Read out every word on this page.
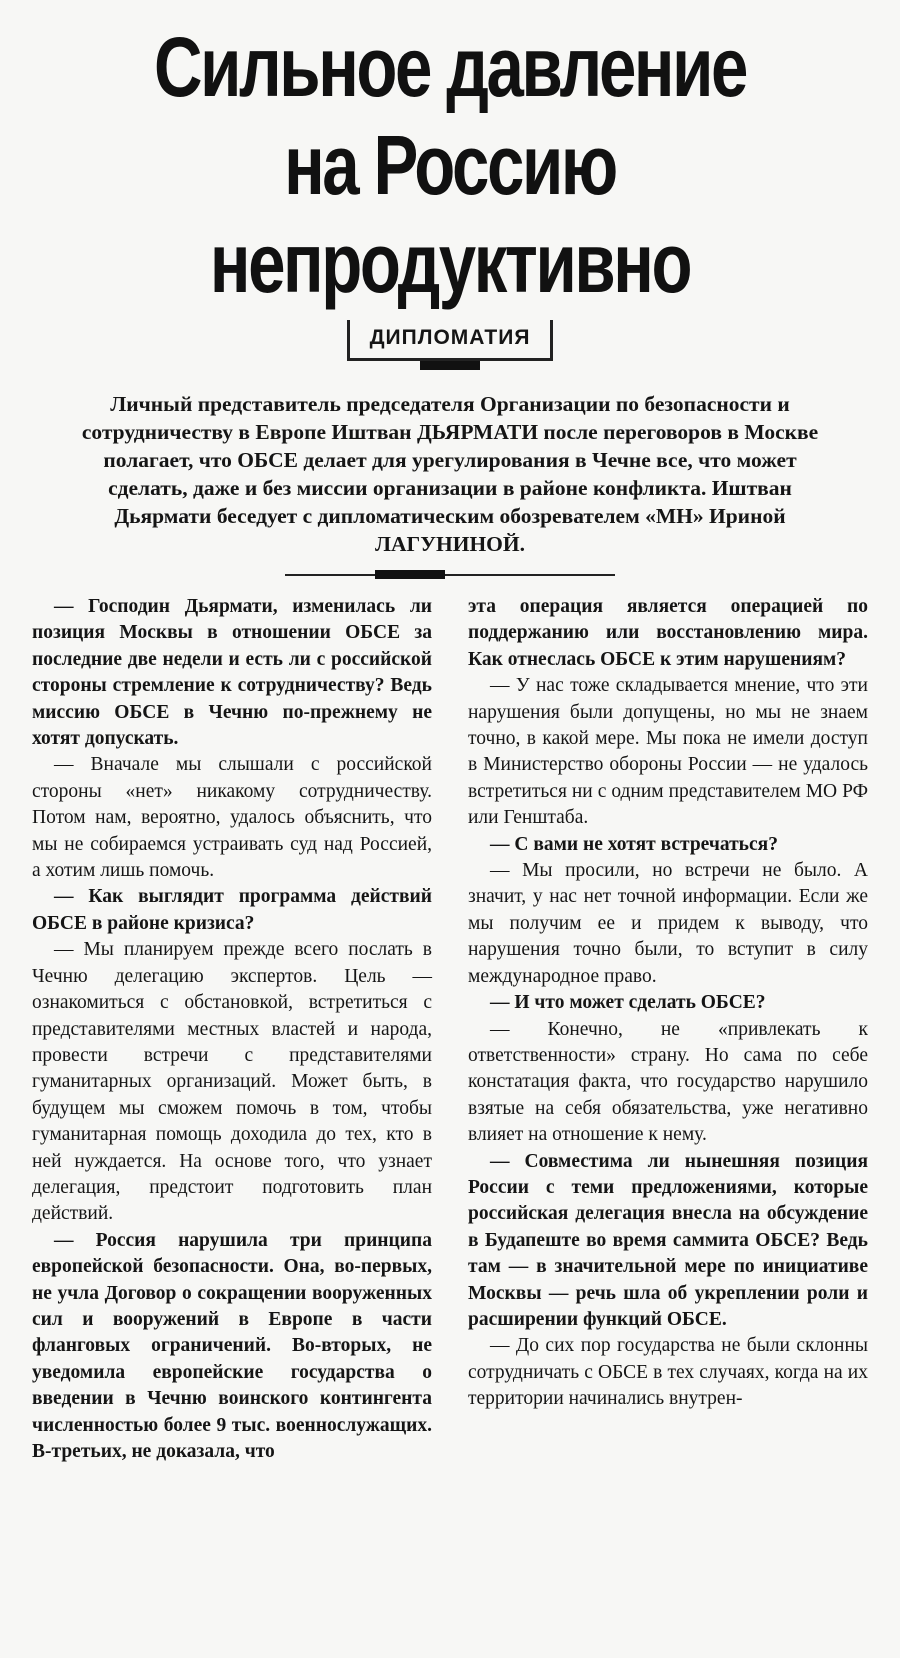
Сильное давление
на Россию непродуктивно
ДИПЛОМАТИЯ
Личный представитель председателя Организации по безопасности и сотрудничеству в Европе Иштван ДЬЯРМАТИ после переговоров в Москве полагает, что ОБСЕ делает для урегулирования в Чечне все, что может сделать, даже и без миссии организации в районе конфликта. Иштван Дьярмати беседует с дипломатическим обозревателем «МН» Ириной ЛАГУНИНОЙ.

— Господин Дьярмати, изменилась ли позиция Москвы в отношении ОБСЕ за последние две недели и есть ли с российской стороны стремление к сотрудничеству? Ведь миссию ОБСЕ в Чечню по-прежнему не хотят допускать.

— Вначале мы слышали с российской стороны «нет» никакому сотрудничеству. Потом нам, вероятно, удалось объяснить, что мы не собираемся устраивать суд над Россией, а хотим лишь помочь.

— Как выглядит программа действий ОБСЕ в районе кризиса?

— Мы планируем прежде всего послать в Чечню делегацию экспертов. Цель — ознакомиться с обстановкой, встретиться с представителями местных властей и народа, провести встречи с представителями гуманитарных организаций. Может быть, в будущем мы сможем помочь в том, чтобы гуманитарная помощь доходила до тех, кто в ней нуждается. На основе того, что узнает делегация, предстоит подготовить план действий.

— Россия нарушила три принципа европейской безопасности. Она, во-первых, не учла Договор о сокращении вооруженных сил и вооружений в Европе в части фланговых ограничений. Во-вторых, не уведомила европейские государства о введении в Чечню воинского контингента численностью более 9 тыс. военнослужащих. В-третьих, не доказала, что

эта операция является операцией по поддержанию или восстановлению мира. Как отнеслась ОБСЕ к этим нарушениям?

— У нас тоже складывается мнение, что эти нарушения были допущены, но мы не знаем точно, в какой мере. Мы пока не имели доступ в Министерство обороны России — не удалось встретиться ни с одним представителем МО РФ или Генштаба.

— С вами не хотят встречаться?

— Мы просили, но встречи не было. А значит, у нас нет точной информации. Если же мы получим ее и придем к выводу, что нарушения точно были, то вступит в силу международное право.

— И что может сделать ОБСЕ?

— Конечно, не «привлекать к ответственности» страну. Но сама по себе констатация факта, что государство нарушило взятые на себя обязательства, уже негативно влияет на отношение к нему.

— Совместима ли нынешняя позиция России с теми предложениями, которые российская делегация внесла на обсуждение в Будапеште во время саммита ОБСЕ? Ведь там — в значительной мере по инициативе Москвы — речь шла об укреплении роли и расширении функций ОБСЕ.

— До сих пор государства не были склонны сотрудничать с ОБСЕ в тех случаях, когда на их территории начинались внутрен-
